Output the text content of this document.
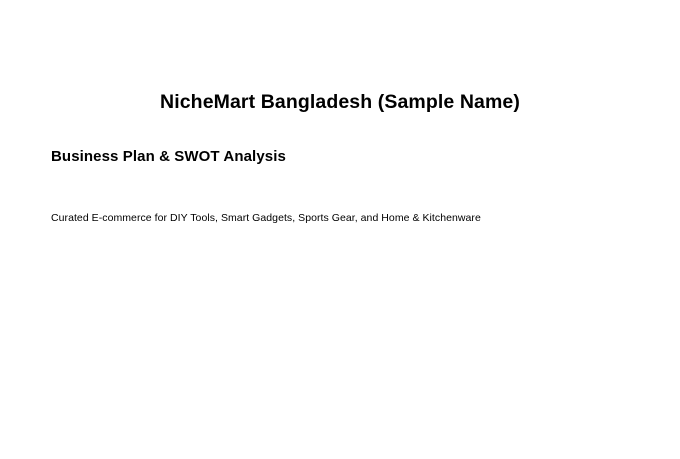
NicheMart Bangladesh (Sample Name)
Business Plan & SWOT Analysis

Curated E-commerce for DIY Tools, Smart Gadgets, Sports Gear, and Home & Kitchenware
